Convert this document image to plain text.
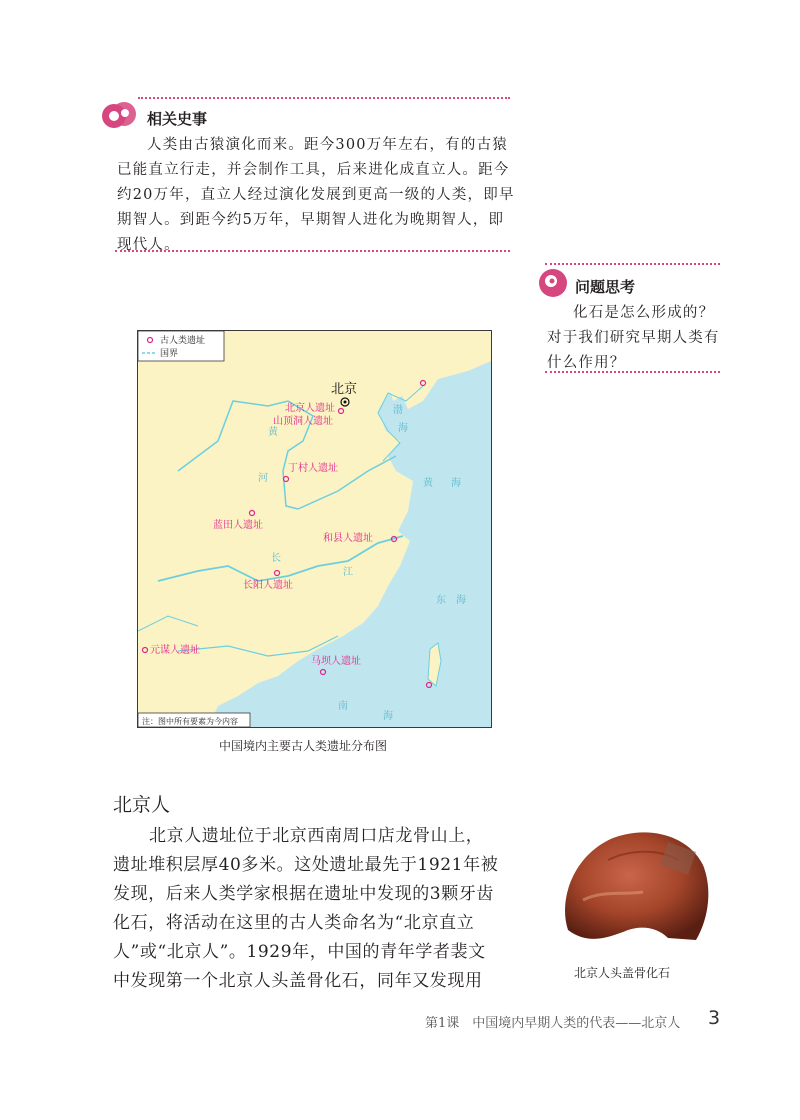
相关史事

人类由古猿演化而来。距今300万年左右，有的古猿
已能直立行走，并会制作工具，后来进化成直立人。距今
约20万年，直立人经过演化发展到更高一级的人类，即早
期智人。到距今约5万年，早期智人进化为晚期智人，即
现代人。

问题思考

化石是怎么形成的？
对于我们研究早期人类有
什么作用？

古人类遗址
国界
北京
北京人遗址
山顶洞人遗址
丁村人遗址
蓝田人遗址
和县人遗址
长阳人遗址
元谋人遗址
马坝人遗址
渤
海
黄
河	黄 海
长
江
东 海
南
海
注：图中所有要素为今内容
中国境内主要古人类遗址分布图
北京人

北京人遗址位于北京西南周口店龙骨山上，
遗址堆积层厚40多米。这处遗址最先于1921年被
发现，后来人类学家根据在遗址中发现的3颗牙齿
化石，将活动在这里的古人类命名为“北京直立
人”或“北京人”。1929年，中国的青年学者裴文
中发现第一个北京人头盖骨化石，同年又发现用	北京人头盖骨化石
第1课　中国境内早期人类的代表——北京人 3
